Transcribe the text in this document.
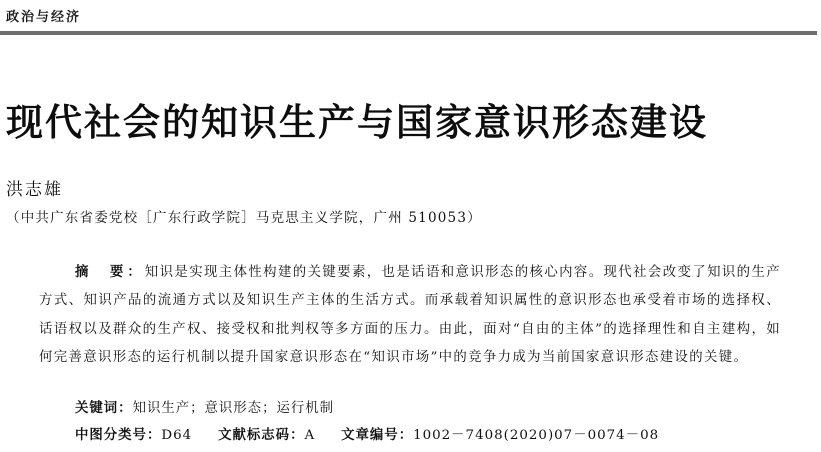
政治与经济
现代社会的知识生产与国家意识形态建设
洪志雄
（中共广东省委党校［广东行政学院］马克思主义学院，广州 510053）

摘　要：知识是实现主体性构建的关键要素，也是话语和意识形态的核心内容。现代社会改变了知识的生产方式、知识产品的流通方式以及知识生产主体的生活方式。而承载着知识属性的意识形态也承受着市场的选择权、话语权以及群众的生产权、接受权和批判权等多方面的压力。由此，面对“自由的主体”的选择理性和自主建构，如何完善意识形态的运行机制以提升国家意识形态在“知识市场”中的竞争力成为当前国家意识形态建设的关键。

关键词：知识生产；意识形态；运行机制
中图分类号：D64 文献标志码：A 文章编号：1002－7408(2020)07－0074－08
